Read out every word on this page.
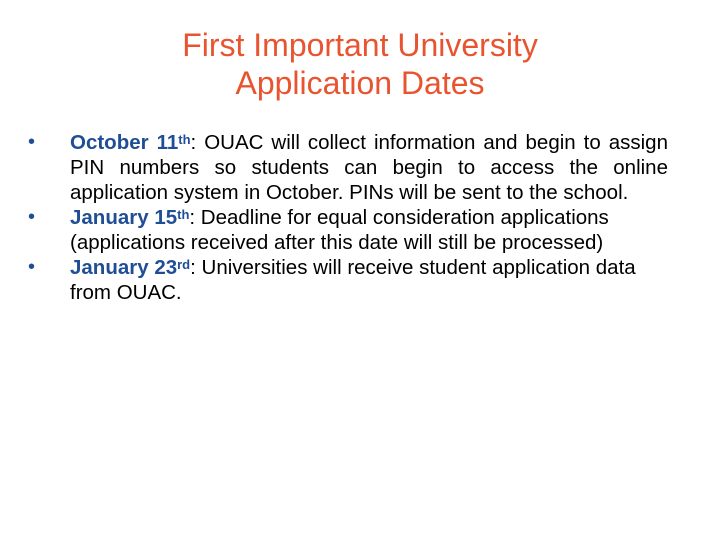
First Important University
Application Dates
• October 11th: OUAC will collect information and begin to assign PIN numbers so students can begin to access the online application system in October. PINs will be sent to the school.
• January 15th: Deadline for equal consideration applications (applications received after this date will still be processed)
• January 23rd: Universities will receive student application data from OUAC.
